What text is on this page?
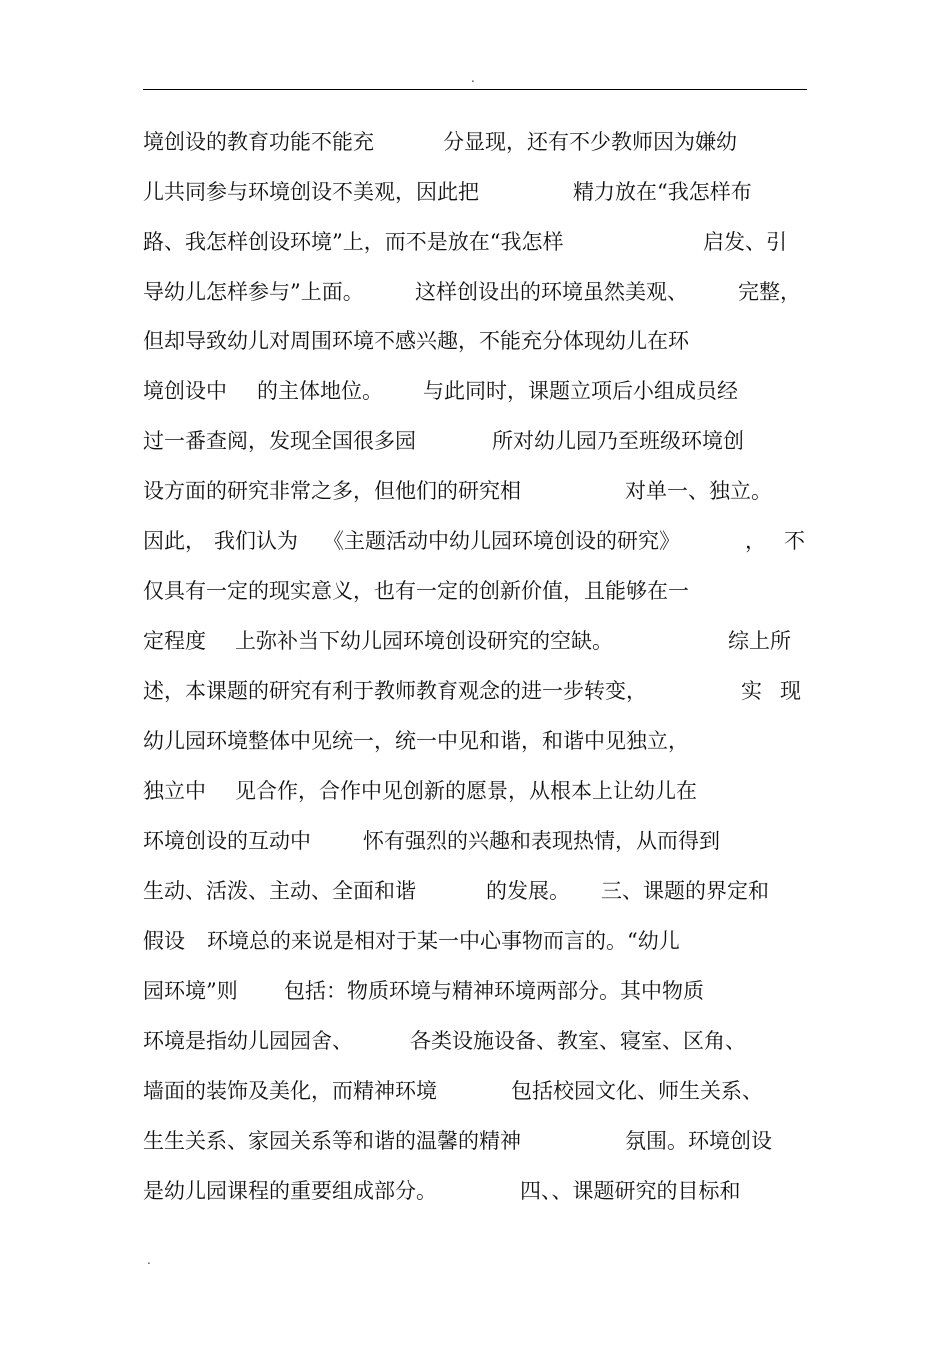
.
境创设的教育功能不能充	分显现，还有不少教师因为嫌幼
儿共同参与环境创设不美观，因此把	精力放在“我怎样布
路、我怎样创设环境”上，而不是放在“我怎样	启发、引
导幼儿怎样参与”上面。 这样创设出的环境虽然美观、 完整，
但却导致幼儿对周围环境不感兴趣，不能充分体现幼儿在环
境创设中 的主体地位。 与此同时，课题立项后小组成员经
过一番查阅，发现全国很多园	所对幼儿园乃至班级环境创
设方面的研究非常之多，但他们的研究相	对单一、独立。
因此， 我们认为 《主题活动中幼儿园环境创设的研究》	， 不
仅具有一定的现实意义，也有一定的创新价值，且能够在一
定程度 上弥补当下幼儿园环境创设研究的空缺。	综上所
述，本课题的研究有利于教师教育观念的进一步转变，	实 现
幼儿园环境整体中见统一，统一中见和谐，和谐中见独立，
独立中 见合作，合作中见创新的愿景，从根本上让幼儿在
环境创设的互动中 怀有强烈的兴趣和表现热情，从而得到
生动、活泼、主动、全面和谐	的发展。 三、课题的界定和
假设 环境总的来说是相对于某一中心事物而言的。“幼儿
园环境”则 包括：物质环境与精神环境两部分。其中物质
环境是指幼儿园园舍、	各类设施设备、教室、寝室、区角、
墙面的装饰及美化，而精神环境	包括校园文化、师生关系、
生生关系、家园关系等和谐的温馨的精神	氛围。环境创设
是幼儿园课程的重要组成部分。	四、、课题研究的目标和
.
